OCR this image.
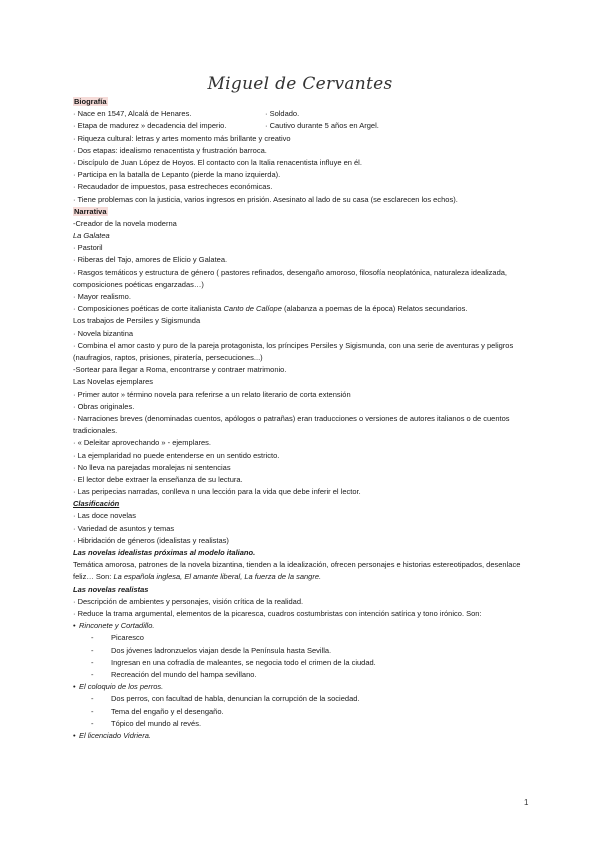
Miguel de Cervantes
Biografía
· Nace en 1547, Alcalá de Henares.	· Soldado.
· Etapa de madurez » decadencia del imperio.	· Cautivo durante 5 años en Argel.
· Riqueza cultural: letras y artes momento más brillante y creativo
· Dos etapas: idealismo renacentista y frustración barroca.
· Discípulo de Juan López de Hoyos. El contacto con la Italia renacentista influye en él.
· Participa en la batalla de Lepanto (pierde la mano izquierda).
· Recaudador de impuestos, pasa estrecheces económicas.
· Tiene problemas con la justicia, varios ingresos en prisión. Asesinato al lado de su casa (se esclarecen los echos).
Narrativa
-Creador de la novela moderna
La Galatea
· Pastoril
· Riberas del Tajo, amores de Elicio y Galatea.
· Rasgos temáticos y estructura de género ( pastores refinados, desengaño amoroso, filosofía neoplatónica, naturaleza idealizada, composiciones poéticas engarzadas…)
· Mayor realismo.
· Composiciones poéticas de corte italianista Canto de Calíope (alabanza a poemas de la época) Relatos secundarios.
Los trabajos de Persiles y Sigismunda
· Novela bizantina
· Combina el amor casto y puro de la pareja protagonista, los príncipes Persiles y Sigismunda, con una serie de aventuras y peligros (naufragios, raptos, prisiones, piratería, persecuciones...)
-Sortear para llegar a Roma, encontrarse y contraer matrimonio.
Las Novelas ejemplares
· Primer autor » término novela para referirse a un relato literario de corta extensión
· Obras originales.
· Narraciones breves (denominadas cuentos, apólogos o patrañas) eran traducciones o versiones de autores italianos o de cuentos tradicionales.
· « Deleitar aprovechando » - ejemplares.
· La ejemplaridad no puede entenderse en un sentido estricto.
· No lleva na parejadas moralejas ni sentencias
· El lector debe extraer la enseñanza de su lectura.
· Las peripecias narradas, conlleva n una lección para la vida que debe inferir el lector.
Clasificación
· Las doce novelas
· Variedad de asuntos y temas
· Hibridación de géneros (idealistas y realistas)
Las novelas idealistas próximas al modelo italiano.
Temática amorosa, patrones de la novela bizantina, tienden a la idealización, ofrecen personajes e historias estereotipados, desenlace feliz… Son: La española inglesa, El amante liberal, La fuerza de la sangre.
Las novelas realistas
· Descripción de ambientes y personajes, visión crítica de la realidad.
· Reduce la trama argumental, elementos de la picaresca, cuadros costumbristas con intención satírica y tono irónico. Son:
• Rinconete y Cortadillo.
- Picaresco
- Dos jóvenes ladronzuelos viajan desde la Península hasta Sevilla.
- Ingresan en una cofradía de maleantes, se negocia todo el crimen de la ciudad.
- Recreación del mundo del hampa sevillano.
• El coloquio de los perros.
- Dos perros, con facultad de habla, denuncian la corrupción de la sociedad.
- Tema del engaño y el desengaño.
- Tópico del mundo al revés.
• El licenciado Vidriera.
1
